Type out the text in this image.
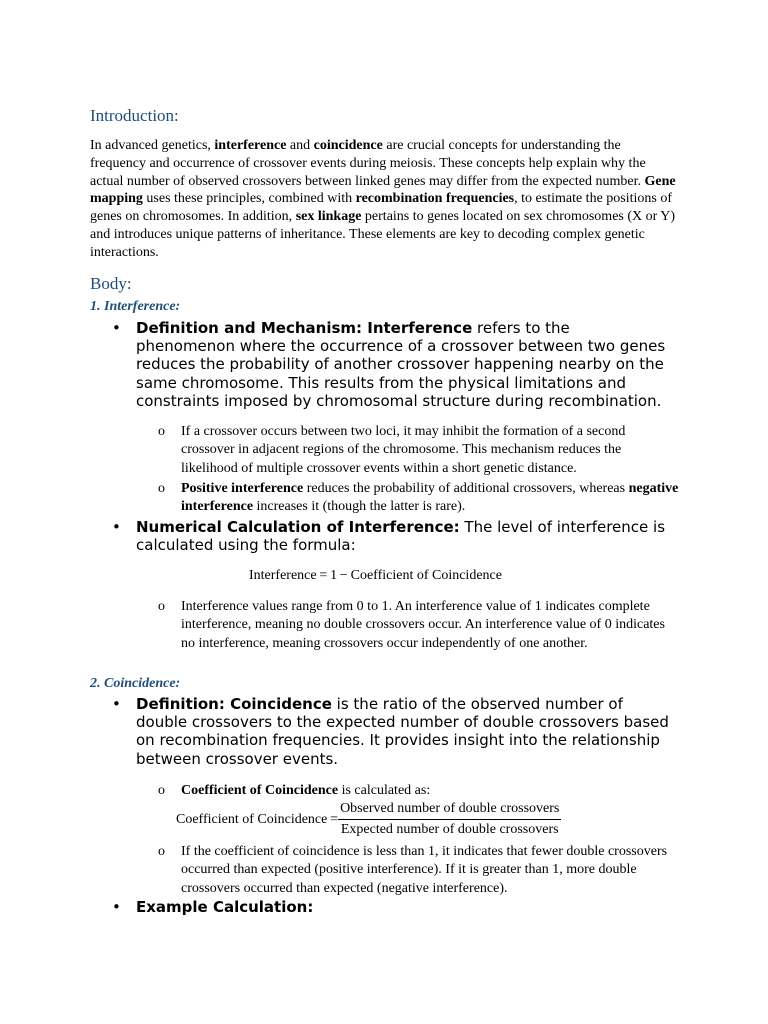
Introduction:

In advanced genetics, interference and coincidence are crucial concepts for understanding the frequency and occurrence of crossover events during meiosis. These concepts help explain why the actual number of observed crossovers between linked genes may differ from the expected number. Gene mapping uses these principles, combined with recombination frequencies, to estimate the positions of genes on chromosomes. In addition, sex linkage pertains to genes located on sex chromosomes (X or Y) and introduces unique patterns of inheritance. These elements are key to decoding complex genetic interactions.

Body:
1. Interference:
•	Definition and Mechanism: Interference refers to the phenomenon where the occurrence of a crossover between two genes reduces the probability of another crossover happening nearby on the same chromosome. This results from the physical limitations and constraints imposed by chromosomal structure during recombination.
o	If a crossover occurs between two loci, it may inhibit the formation of a second crossover in adjacent regions of the chromosome. This mechanism reduces the likelihood of multiple crossover events within a short genetic distance.
o	Positive interference reduces the probability of additional crossovers, whereas negative interference increases it (though the latter is rare).
•	Numerical Calculation of Interference: The level of interference is calculated using the formula:
Interference = 1 − Coefficient of Coincidence
o	Interference values range from 0 to 1. An interference value of 1 indicates complete interference, meaning no double crossovers occur. An interference value of 0 indicates no interference, meaning crossovers occur independently of one another.
2. Coincidence:
•	Definition: Coincidence is the ratio of the observed number of double crossovers to the expected number of double crossovers based on recombination frequencies. It provides insight into the relationship between crossover events.
o	Coefficient of Coincidence is calculated as:
Coefficient of Coincidence = $\frac{\text{Observed number of double crossovers}}{\text{Expected number of double crossovers}}$
o	If the coefficient of coincidence is less than 1, it indicates that fewer double crossovers occurred than expected (positive interference). If it is greater than 1, more double crossovers occurred than expected (negative interference).
•	Example Calculation:
